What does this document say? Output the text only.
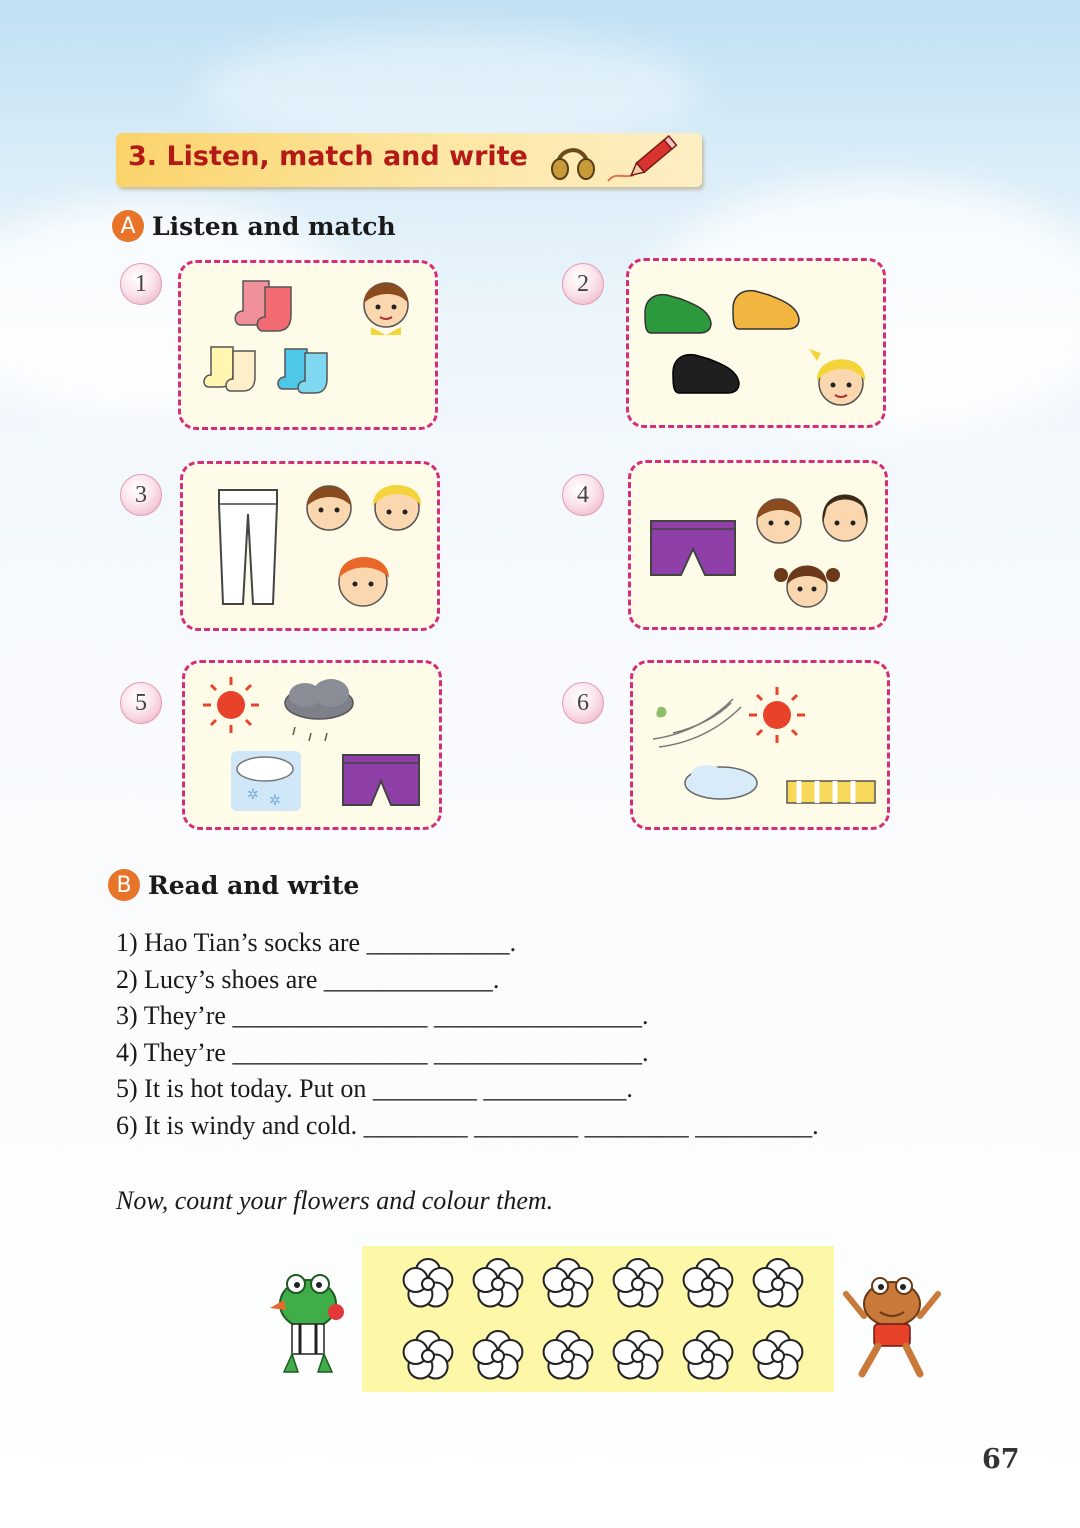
3. Listen, match and write
A Listen and match
1	2
3	4
5
✲ ✲
6
B Read and write
1) Hao Tian’s socks are ___________.
2) Lucy’s shoes are _____________.
3) They’re _______________ ________________.
4) They’re _______________ ________________.
5) It is hot today. Put on ________ ___________.
6) It is windy and cold. ________ ________ ________ _________.
Now, count your flowers and colour them.
67
